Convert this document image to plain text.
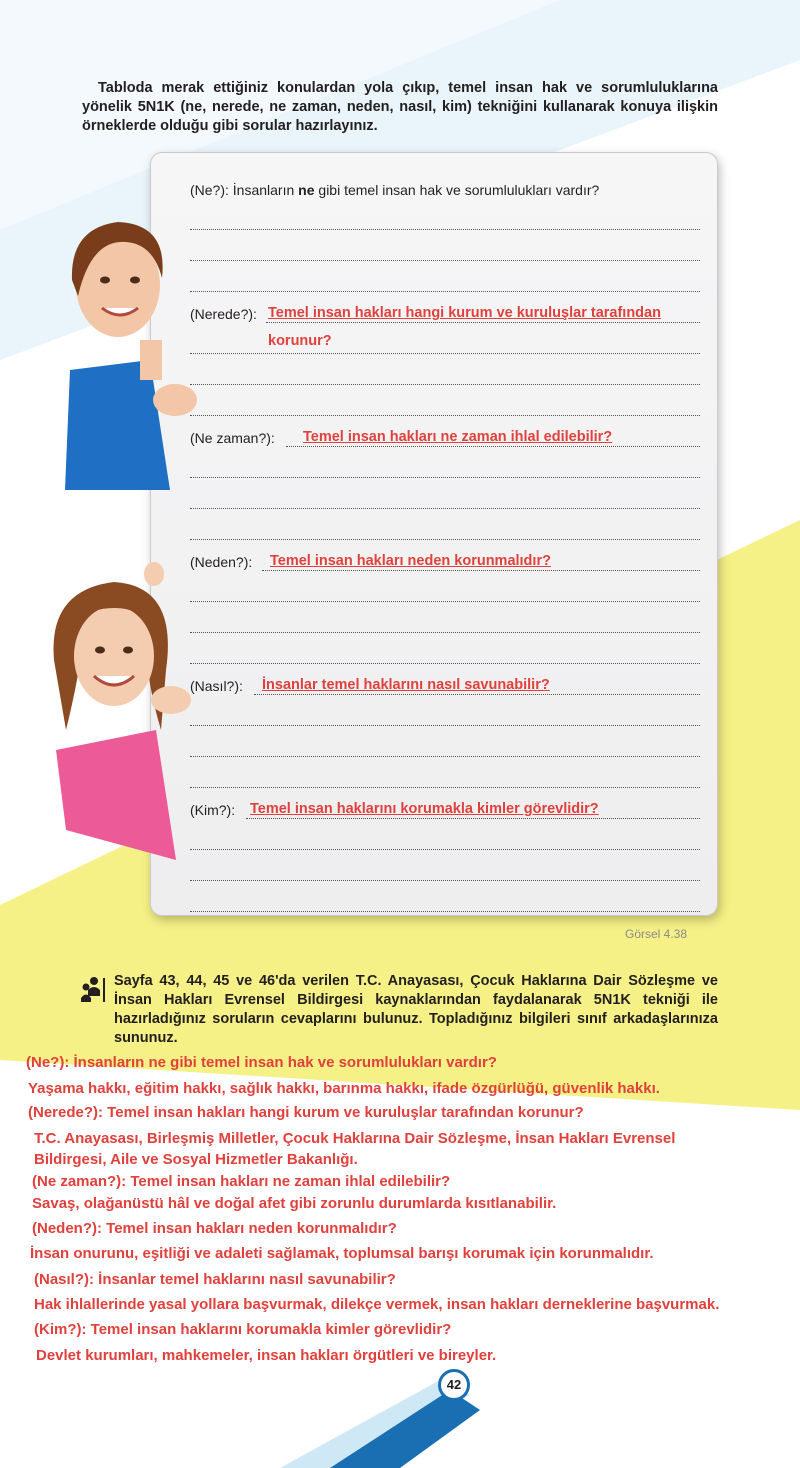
Tabloda merak ettiğiniz konulardan yola çıkıp, temel insan hak ve sorumluluklarına yönelik 5N1K (ne, nerede, ne zaman, neden, nasıl, kim) tekniğini kullanarak konuya ilişkin örneklerde olduğu gibi sorular hazırlayınız.
(Ne?): İnsanların ne gibi temel insan hak ve sorumlulukları vardır?
(Nerede?): Temel insan hakları hangi kurum ve kuruluşlar tarafından
korunur?
(Ne zaman?): Temel insan hakları ne zaman ihlal edilebilir?
(Neden?): Temel insan hakları neden korunmalıdır?
(Nasıl?): İnsanlar temel haklarını nasıl savunabilir?
(Kim?): Temel insan haklarını korumakla kimler görevlidir?
Görsel 4.38
Sayfa 43, 44, 45 ve 46'da verilen T.C. Anayasası, Çocuk Haklarına Dair Sözleşme ve İnsan Hakları Evrensel Bildirgesi kaynaklarından faydalanarak 5N1K tekniği ile hazırladığınız soruların cevaplarını bulunuz. Topladığınız bilgileri sınıf arkadaşlarınıza sununuz.
(Ne?): İnsanların ne gibi temel insan hak ve sorumlulukları vardır?
Yaşama hakkı, eğitim hakkı, sağlık hakkı, barınma hakkı, ifade özgürlüğü, güvenlik hakkı.
(Nerede?): Temel insan hakları hangi kurum ve kuruluşlar tarafından korunur?
T.C. Anayasası, Birleşmiş Milletler, Çocuk Haklarına Dair Sözleşme, İnsan Hakları Evrensel
Bildirgesi, Aile ve Sosyal Hizmetler Bakanlığı.
(Ne zaman?): Temel insan hakları ne zaman ihlal edilebilir?
Savaş, olağanüstü hâl ve doğal afet gibi zorunlu durumlarda kısıtlanabilir.
(Neden?): Temel insan hakları neden korunmalıdır?
İnsan onurunu, eşitliği ve adaleti sağlamak, toplumsal barışı korumak için korunmalıdır.
(Nasıl?): İnsanlar temel haklarını nasıl savunabilir?
Hak ihlallerinde yasal yollara başvurmak, dilekçe vermek, insan hakları derneklerine başvurmak.
(Kim?): Temel insan haklarını korumakla kimler görevlidir?
Devlet kurumları, mahkemeler, insan hakları örgütleri ve bireyler.
42
